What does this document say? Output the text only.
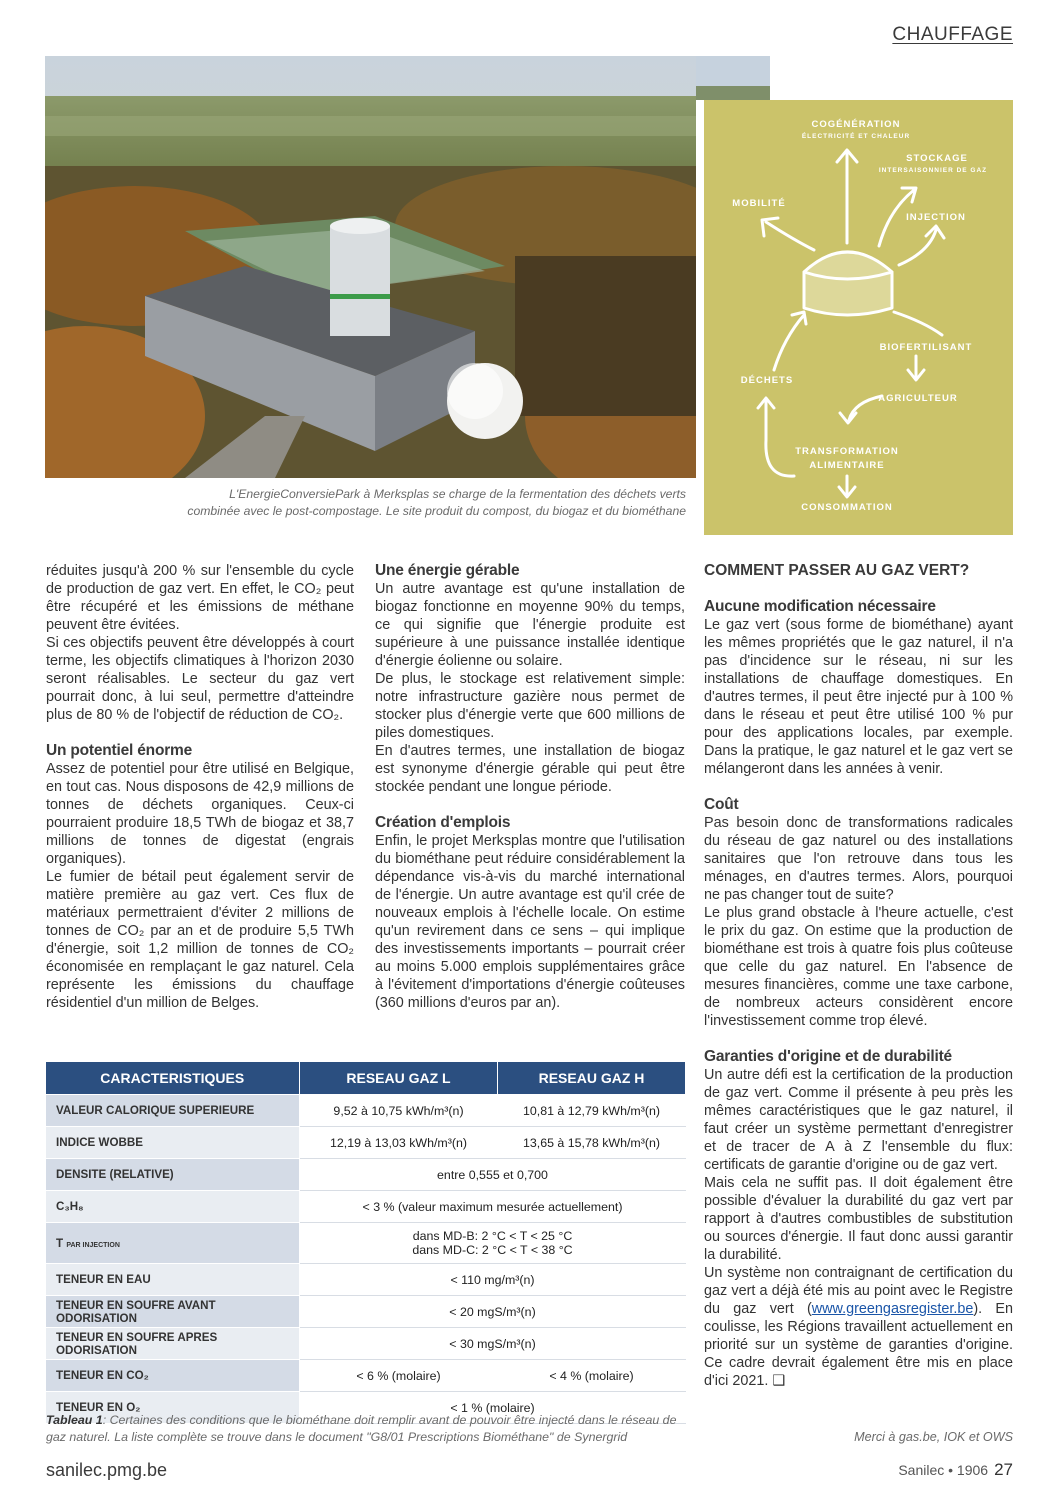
CHAUFFAGE
L'EnergieConversiePark à Merksplas se charge de la fermentation des déchets verts
combinée avec le post-compostage. Le site produit du compost, du biogaz et du biométhane
COGÉNÉRATION
ÉLECTRICITÉ ET CHALEUR
STOCKAGE
INTERSAISONNIER DE GAZ
MOBILITÉ
INJECTION
BIOFERTILISANT
DÉCHETS
AGRICULTEUR
TRANSFORMATION
ALIMENTAIRE
CONSOMMATION

réduites jusqu'à 200 % sur l'ensemble du cycle de production de gaz vert. En effet, le CO₂ peut être récupéré et les émissions de méthane peuvent être évitées.

Si ces objectifs peuvent être développés à court terme, les objectifs climatiques à l'horizon 2030 seront réalisables. Le secteur du gaz vert pourrait donc, à lui seul, permettre d'atteindre plus de 80 % de l'objectif de réduction de CO₂.

Un potentiel énorme

Assez de potentiel pour être utilisé en Belgique, en tout cas. Nous disposons de 42,9 millions de tonnes de déchets organiques. Ceux-ci pourraient produire 18,5 TWh de biogaz et 38,7 millions de tonnes de digestat (engrais organiques).

Le fumier de bétail peut également servir de matière première au gaz vert. Ces flux de matériaux permettraient d'éviter 2 millions de tonnes de CO₂ par an et de produire 5,5 TWh d'énergie, soit 1,2 million de tonnes de CO₂ économisée en remplaçant le gaz naturel. Cela représente les émissions du chauffage résidentiel d'un million de Belges.

Une énergie gérable

Un autre avantage est qu'une installation de biogaz fonctionne en moyenne 90% du temps, ce qui signifie que l'énergie produite est supérieure à une puissance installée identique d'énergie éolienne ou solaire.

De plus, le stockage est relativement simple: notre infrastructure gazière nous permet de stocker plus d'énergie verte que 600 millions de piles domestiques.

En d'autres termes, une installation de biogaz est synonyme d'énergie gérable qui peut être stockée pendant une longue période.

Création d'emplois

Enfin, le projet Merksplas montre que l'utilisation du biométhane peut réduire considérablement la dépendance vis-à-vis du marché international de l'énergie. Un autre avantage est qu'il crée de nouveaux emplois à l'échelle locale. On estime qu'un revirement dans ce sens – qui implique des investissements importants – pourrait créer au moins 5.000 emplois supplémentaires grâce à l'évitement d'importations d'énergie coûteuses (360 millions d'euros par an).

COMMENT PASSER AU GAZ VERT?
Aucune modification nécessaire

Le gaz vert (sous forme de biométhane) ayant les mêmes propriétés que le gaz naturel, il n'a pas d'incidence sur le réseau, ni sur les installations de chauffage domestiques. En d'autres termes, il peut être injecté pur à 100 % dans le réseau et peut être utilisé 100 % pur pour des applications locales, par exemple. Dans la pratique, le gaz naturel et le gaz vert se mélangeront dans les années à venir.

Coût

Pas besoin donc de transformations radicales du réseau de gaz naturel ou des installations sanitaires que l'on retrouve dans tous les ménages, en d'autres termes. Alors, pourquoi ne pas changer tout de suite?

Le plus grand obstacle à l'heure actuelle, c'est le prix du gaz. On estime que la production de biométhane est trois à quatre fois plus coûteuse que celle du gaz naturel. En l'absence de mesures financières, comme une taxe carbone, de nombreux acteurs considèrent encore l'investissement comme trop élevé.

Garanties d'origine et de durabilité

Un autre défi est la certification de la production de gaz vert. Comme il présente à peu près les mêmes caractéristiques que le gaz naturel, il faut créer un système permettant d'enregistrer et de tracer de A à Z l'ensemble du flux: certificats de garantie d'origine ou de gaz vert.

Mais cela ne suffit pas. Il doit également être possible d'évaluer la durabilité du gaz vert par rapport à d'autres combustibles de substitution ou sources d'énergie. Il faut donc aussi garantir la durabilité.

Un système non contraignant de certification du gaz vert a déjà été mis au point avec le Registre du gaz vert (www.greengasregister.be). En coulisse, les Régions travaillent actuellement en priorité sur un système de garanties d'origine. Ce cadre devrait également être mis en place d'ici 2021. ❑

Merci à gas.be, IOK et OWS
CARACTERISTIQUES	RESEAU GAZ L	RESEAU GAZ H
VALEUR CALORIQUE SUPERIEURE	9,52 à 10,75 kWh/m³(n)	10,81 à 12,79 kWh/m³(n)
INDICE WOBBE	12,19 à 13,03 kWh/m³(n)	13,65 à 15,78 kWh/m³(n)
DENSITE (RELATIVE)	entre 0,555 et 0,700	
C₃H₈	< 3 % (valeur maximum mesurée actuellement)	
T PAR INJECTION	dans MD-B: 2 °C < T < 25 °C
dans MD-C: 2 °C < T < 38 °C	

TENEUR EN EAU	< 110 mg/m³(n)	
TENEUR EN SOUFRE AVANT ODORISATION	< 20 mgS/m³(n)	
TENEUR EN SOUFRE APRES ODORISATION	< 30 mgS/m³(n)	
TENEUR EN CO₂	< 6 % (molaire)	< 4 % (molaire)
TENEUR EN O₂	< 1 % (molaire)	
Tableau 1: Certaines des conditions que le biométhane doit remplir avant de pouvoir être injecté dans le réseau de gaz naturel. La liste complète se trouve dans le document "G8/01 Prescriptions Biométhane" de Synergrid
sanilec.pmg.be	Sanilec • 1906 27
